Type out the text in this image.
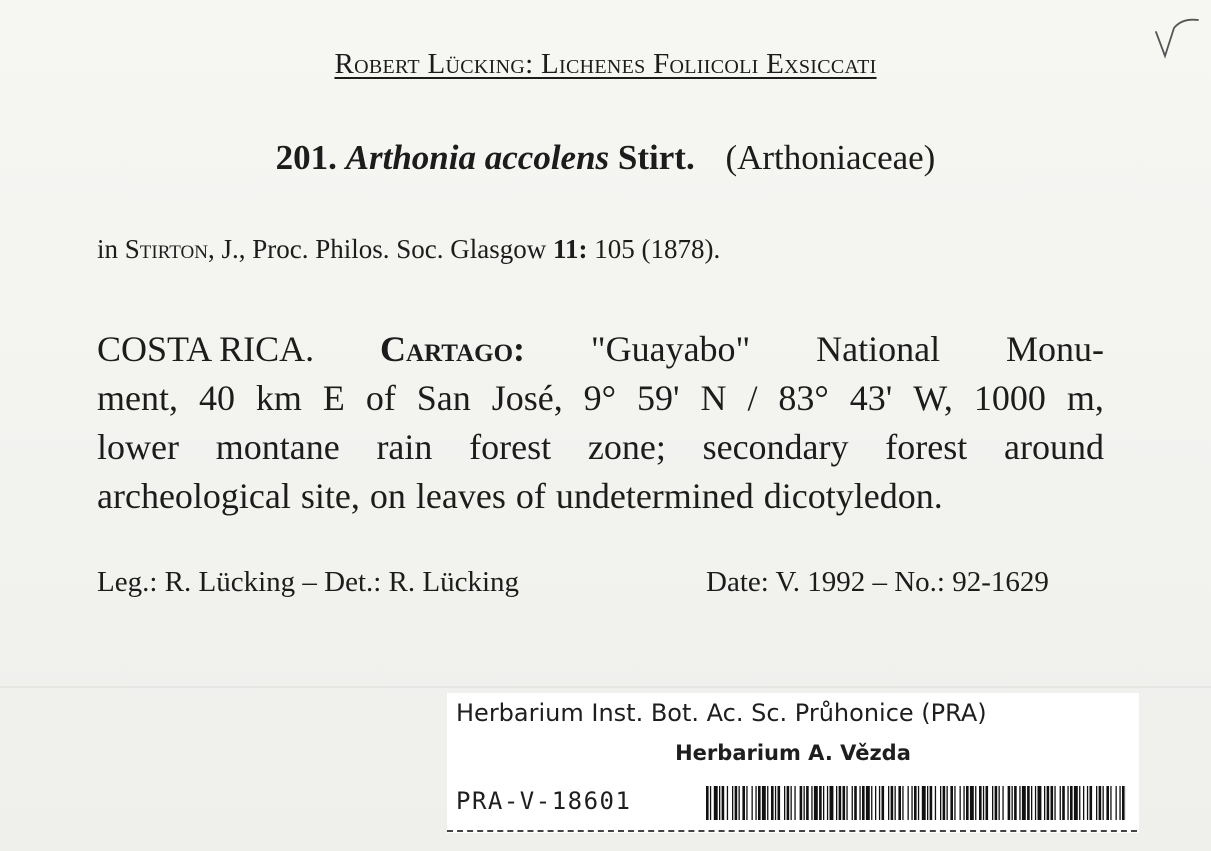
Robert Lücking: Lichenes Foliicoli Exsiccati
201. Arthonia accolens Stirt. (Arthoniaceae)
in Stirton, J., Proc. Philos. Soc. Glasgow 11: 105 (1878).
COSTA RICA. Cartago: "Guayabo" National Monu-
ment, 40 km E of San José, 9° 59' N / 83° 43' W, 1000 m,
lower montane rain forest zone; secondary forest around
archeological site, on leaves of undetermined dicotyledon.
Leg.: R. Lücking – Det.: R. Lücking	Date: V. 1992 – No.: 92-1629
Herbarium Inst. Bot. Ac. Sc. Průhonice (PRA)
Herbarium A. Vězda
PRA-V-18601
